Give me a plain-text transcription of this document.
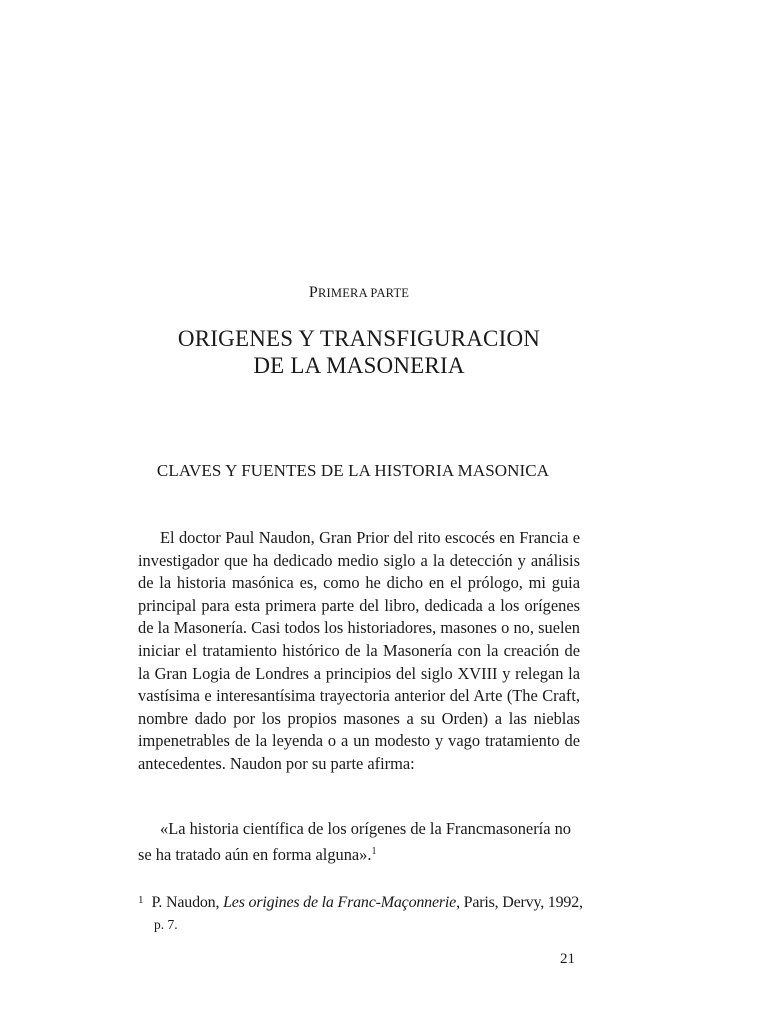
PRIMERA PARTE
ORIGENES Y TRANSFIGURACION
DE LA MASONERIA
CLAVES Y FUENTES DE LA HISTORIA MASONICA

El doctor Paul Naudon, Gran Prior del rito escocés en Francia e investigador que ha dedicado medio siglo a la detección y análisis de la historia masónica es, como he dicho en el prólogo, mi guia principal para esta primera parte del libro, dedicada a los orígenes de la Masonería. Casi todos los historiadores, masones o no, suelen iniciar el tratamiento histórico de la Masonería con la creación de la Gran Logia de Londres a principios del siglo XVIII y relegan la vastísima e interesantísima trayectoria anterior del Arte (The Craft, nombre dado por los propios masones a su Orden) a las nieblas impenetrables de la leyenda o a un modesto y vago tratamiento de antecedentes. Naudon por su parte afirma:

«La historia científica de los orígenes de la Francmasonería no se ha tratado aún en forma alguna».$^1$

$^1$ P. Naudon, Les origines de la Franc-Maçonnerie, Paris, Dervy, 1992,
p. 7.
21
